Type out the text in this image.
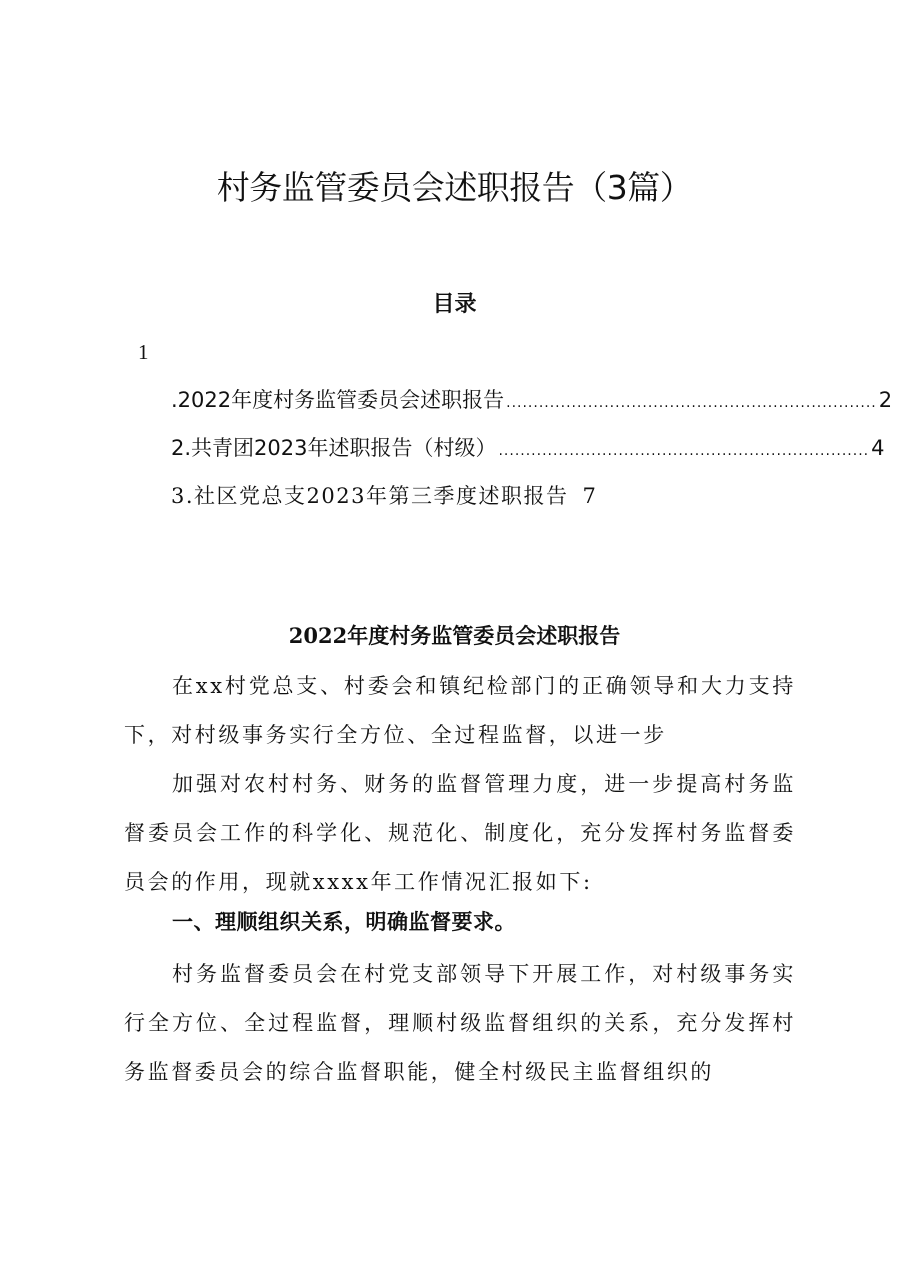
村务监管委员会述职报告（3篇）
目录
1
.2022年度村务监管委员会述职报告 .................................................................... 2
2.共青团2023年述职报告（村级） .................................................................... 4
3.社区党总支2023年第三季度述职报告 7
2022年度村务监管委员会述职报告

在xx村党总支、村委会和镇纪检部门的正确领导和大力支持下，对村级事务实行全方位、全过程监督，以进一步

加强对农村村务、财务的监督管理力度，进一步提高村务监督委员会工作的科学化、规范化、制度化，充分发挥村务监督委员会的作用，现就xxxx年工作情况汇报如下:

一、理顺组织关系，明确监督要求。

村务监督委员会在村党支部领导下开展工作，对村级事务实行全方位、全过程监督，理顺村级监督组织的关系，充分发挥村务监督委员会的综合监督职能，健全村级民主监督组织的
